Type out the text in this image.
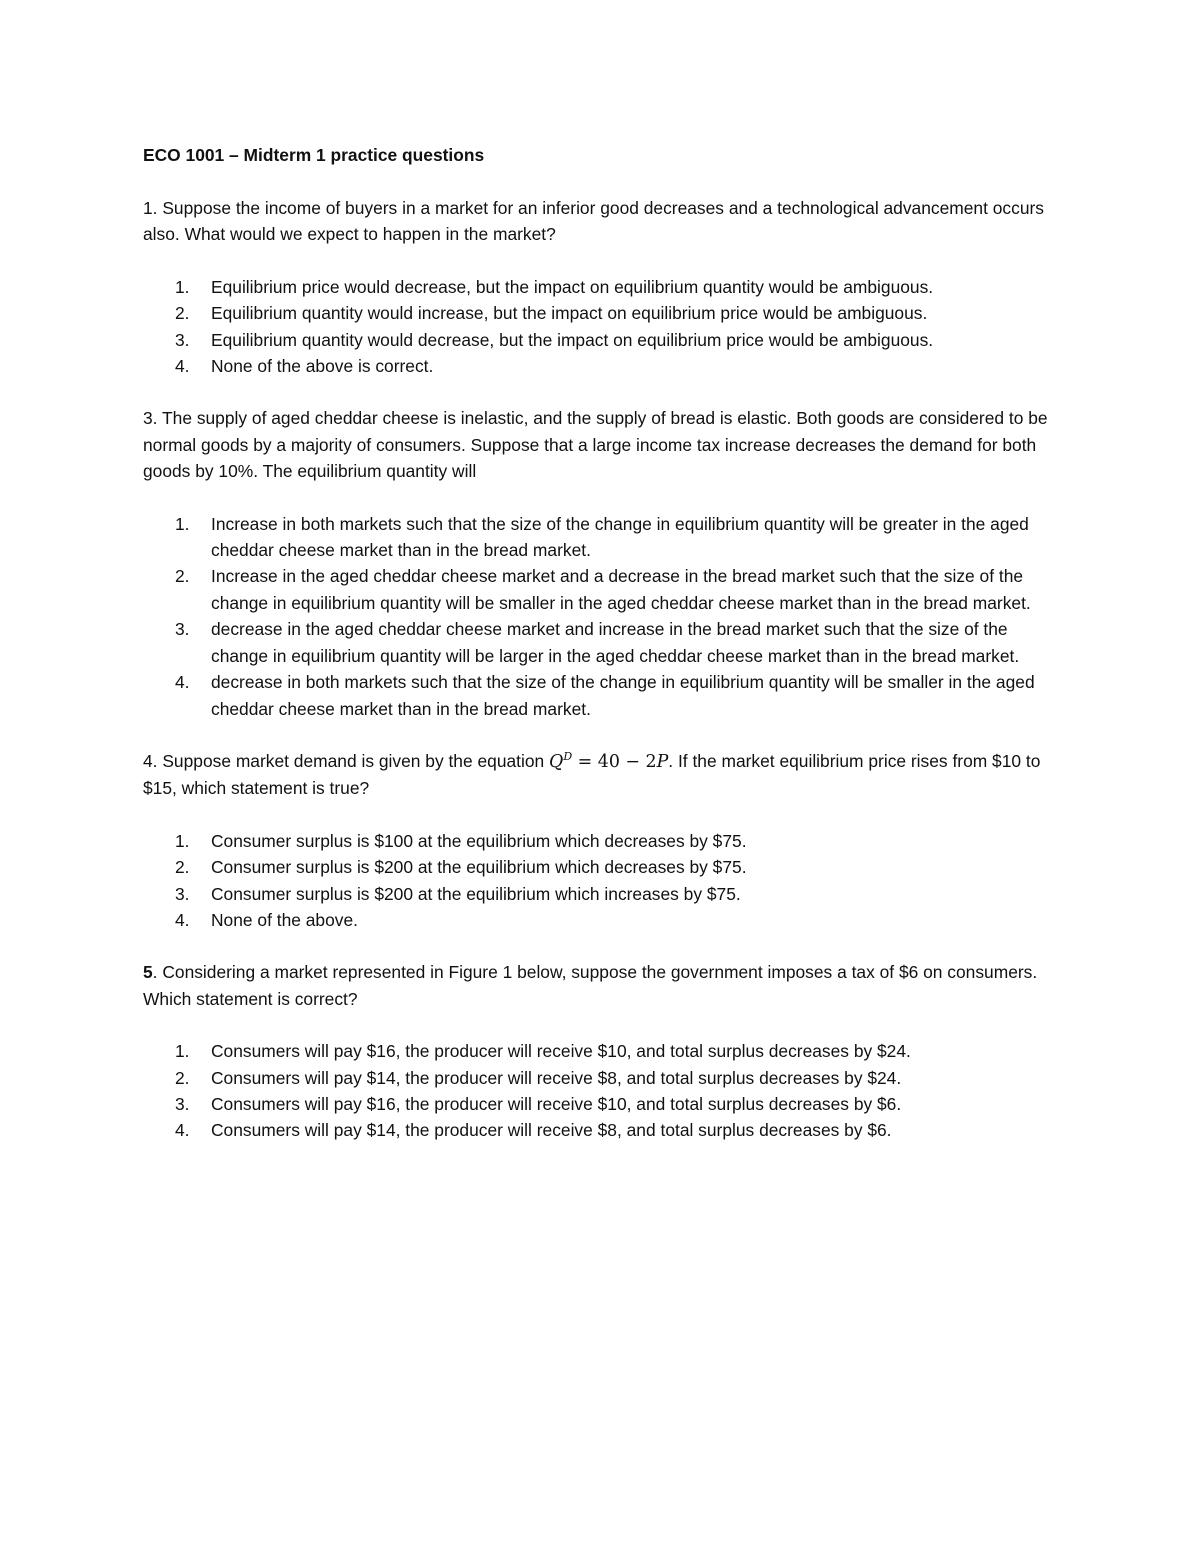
ECO 1001 – Midterm 1 practice questions

1. Suppose the income of buyers in a market for an inferior good decreases and a technological advancement occurs also. What would we expect to happen in the market?

1. Equilibrium price would decrease, but the impact on equilibrium quantity would be ambiguous.
2. Equilibrium quantity would increase, but the impact on equilibrium price would be ambiguous.
3. Equilibrium quantity would decrease, but the impact on equilibrium price would be ambiguous.
4. None of the above is correct.

3. The supply of aged cheddar cheese is inelastic, and the supply of bread is elastic. Both goods are considered to be normal goods by a majority of consumers. Suppose that a large income tax increase decreases the demand for both goods by 10%. The equilibrium quantity will

1. Increase in both markets such that the size of the change in equilibrium quantity will be greater in the aged cheddar cheese market than in the bread market.
2. Increase in the aged cheddar cheese market and a decrease in the bread market such that the size of the change in equilibrium quantity will be smaller in the aged cheddar cheese market than in the bread market.
3. decrease in the aged cheddar cheese market and increase in the bread market such that the size of the change in equilibrium quantity will be larger in the aged cheddar cheese market than in the bread market.
4. decrease in both markets such that the size of the change in equilibrium quantity will be smaller in the aged cheddar cheese market than in the bread market.

4. Suppose market demand is given by the equation $Q^D = 40 - 2P$. If the market equilibrium price rises from $10 to $15, which statement is true?

1. Consumer surplus is $100 at the equilibrium which decreases by $75.
2. Consumer surplus is $200 at the equilibrium which decreases by $75.
3. Consumer surplus is $200 at the equilibrium which increases by $75.
4. None of the above.

5. Considering a market represented in Figure 1 below, suppose the government imposes a tax of $6 on consumers. Which statement is correct?

1. Consumers will pay $16, the producer will receive $10, and total surplus decreases by $24.
2. Consumers will pay $14, the producer will receive $8, and total surplus decreases by $24.
3. Consumers will pay $16, the producer will receive $10, and total surplus decreases by $6.
4. Consumers will pay $14, the producer will receive $8, and total surplus decreases by $6.
